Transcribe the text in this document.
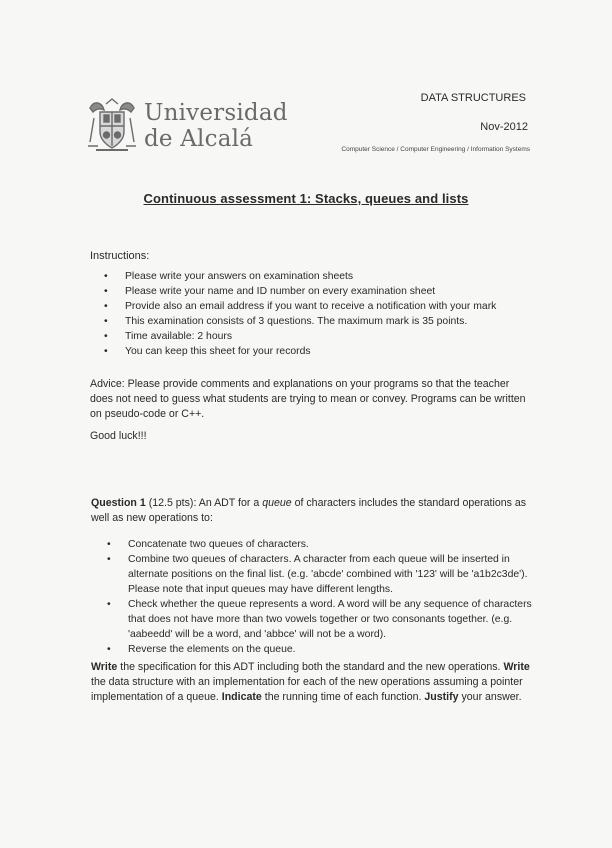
Universidad
de Alcalá
DATA STRUCTURES
Nov-2012
Computer Science / Computer Engineering / Information Systems
Continuous assessment 1: Stacks, queues and lists
Instructions:
• Please write your answers on examination sheets
• Please write your name and ID number on every examination sheet
• Provide also an email address if you want to receive a notification with your mark
• This examination consists of 3 questions. The maximum mark is 35 points.
• Time available: 2 hours
• You can keep this sheet for your records
Advice: Please provide comments and explanations on your programs so that the teacher does not need to guess what students are trying to mean or convey. Programs can be written on pseudo-code or C++.
Good luck!!!
Question 1 (12.5 pts): An ADT for a queue of characters includes the standard operations as well as new operations to:
• Concatenate two queues of characters.
• Combine two queues of characters. A character from each queue will be inserted in alternate positions on the final list. (e.g. 'abcde' combined with '123' will be 'a1b2c3de'). Please note that input queues may have different lengths.
• Check whether the queue represents a word. A word will be any sequence of characters that does not have more than two vowels together or two consonants together. (e.g. 'aabeedd' will be a word, and 'abbce' will not be a word).
• Reverse the elements on the queue.
Write the specification for this ADT including both the standard and the new operations. Write the data structure with an implementation for each of the new operations assuming a pointer implementation of a queue. Indicate the running time of each function. Justify your answer.
